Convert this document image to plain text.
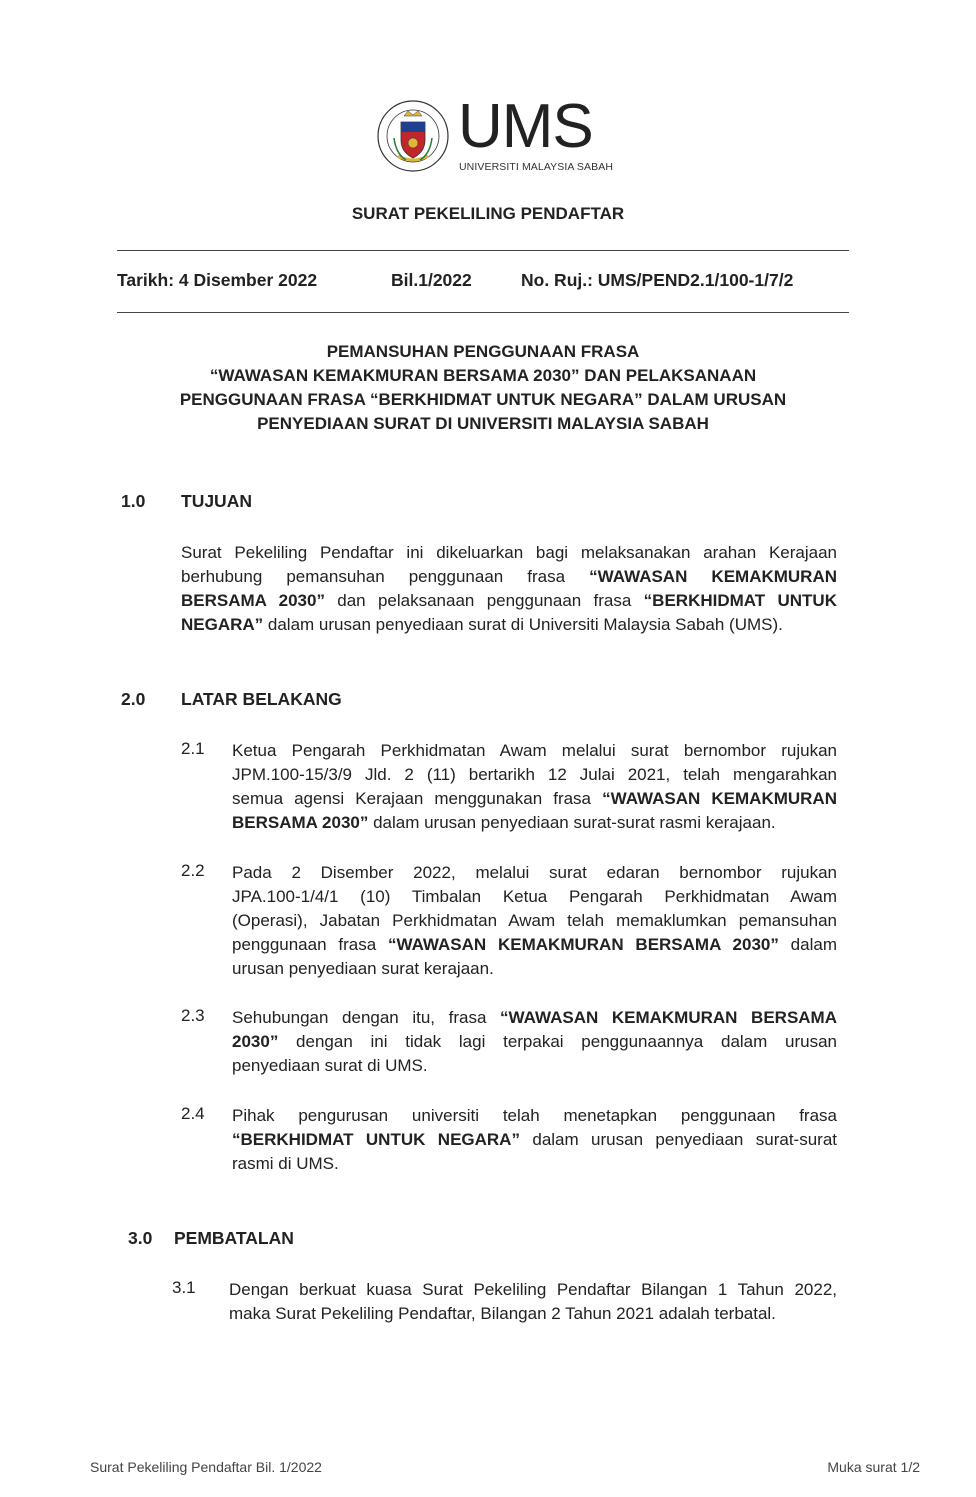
UMS
UNIVERSITI MALAYSIA SABAH
SURAT PEKELILING PENDAFTAR
Tarikh: 4 Disember 2022	Bil.1/2022	No. Ruj.: UMS/PEND2.1/100-1/7/2
PEMANSUHAN PENGGUNAAN FRASA
“WAWASAN KEMAKMURAN BERSAMA 2030” DAN PELAKSANAAN
PENGGUNAAN FRASA “BERKHIDMAT UNTUK NEGARA” DALAM URUSAN
PENYEDIAAN SURAT DI UNIVERSITI MALAYSIA SABAH
1.0 TUJUAN
Surat Pekeliling Pendaftar ini dikeluarkan bagi melaksanakan arahan Kerajaan
berhubung pemansuhan penggunaan frasa “WAWASAN KEMAKMURAN
BERSAMA 2030” dan pelaksanaan penggunaan frasa “BERKHIDMAT UNTUK
NEGARA” dalam urusan penyediaan surat di Universiti Malaysia Sabah (UMS).
2.0 LATAR BELAKANG
2.1 Ketua Pengarah Perkhidmatan Awam melalui surat bernombor rujukan
JPM.100-15/3/9 Jld. 2 (11) bertarikh 12 Julai 2021, telah mengarahkan
semua agensi Kerajaan menggunakan frasa “WAWASAN KEMAKMURAN
BERSAMA 2030” dalam urusan penyediaan surat-surat rasmi kerajaan.
2.2 Pada 2 Disember 2022, melalui surat edaran bernombor rujukan
JPA.100-1/4/1 (10) Timbalan Ketua Pengarah Perkhidmatan Awam
(Operasi), Jabatan Perkhidmatan Awam telah memaklumkan pemansuhan
penggunaan frasa “WAWASAN KEMAKMURAN BERSAMA 2030” dalam
urusan penyediaan surat kerajaan.
2.3 Sehubungan dengan itu, frasa “WAWASAN KEMAKMURAN BERSAMA
2030” dengan ini tidak lagi terpakai penggunaannya dalam urusan
penyediaan surat di UMS.
2.4 Pihak pengurusan universiti telah menetapkan penggunaan frasa
“BERKHIDMAT UNTUK NEGARA” dalam urusan penyediaan surat-surat
rasmi di UMS.
3.0 PEMBATALAN
3.1 Dengan berkuat kuasa Surat Pekeliling Pendaftar Bilangan 1 Tahun 2022,
maka Surat Pekeliling Pendaftar, Bilangan 2 Tahun 2021 adalah terbatal.
Surat Pekeliling Pendaftar Bil. 1/2022	Muka surat 1/2
